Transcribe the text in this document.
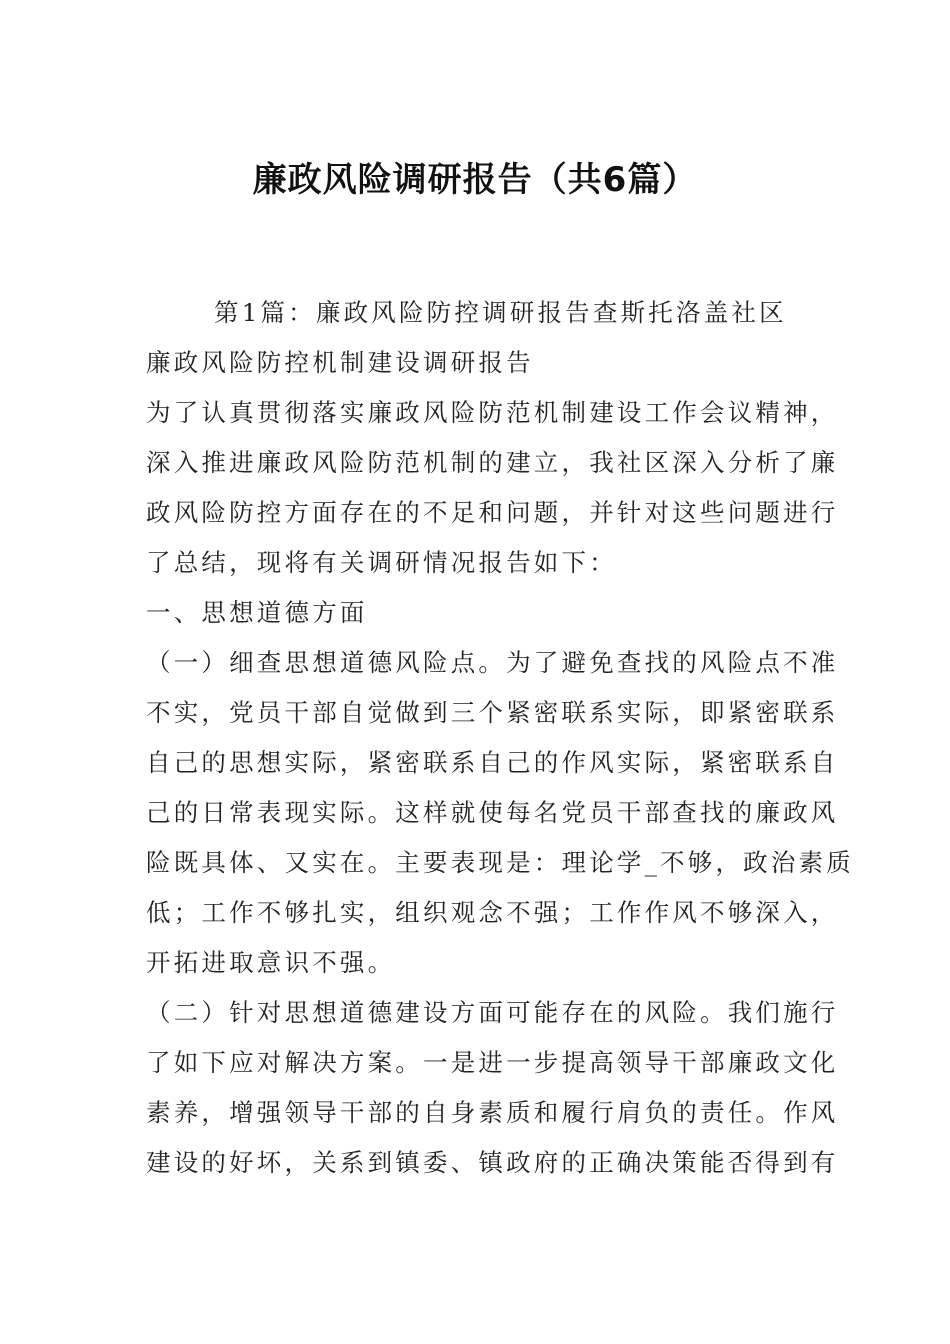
廉政风险调研报告（共6篇）
第1篇：廉政风险防控调研报告查斯托洛盖社区
廉政风险防控机制建设调研报告
为了认真贯彻落实廉政风险防范机制建设工作会议精神，
深入推进廉政风险防范机制的建立，我社区深入分析了廉
政风险防控方面存在的不足和问题，并针对这些问题进行
了总结，现将有关调研情况报告如下：
一、思想道德方面
（一）细查思想道德风险点。为了避免查找的风险点不准
不实，党员干部自觉做到三个紧密联系实际，即紧密联系
自己的思想实际，紧密联系自己的作风实际，紧密联系自
己的日常表现实际。这样就使每名党员干部查找的廉政风
险既具体、又实在。主要表现是：理论学_不够，政治素质
低；工作不够扎实，组织观念不强；工作作风不够深入，
开拓进取意识不强。
（二）针对思想道德建设方面可能存在的风险。我们施行
了如下应对解决方案。一是进一步提高领导干部廉政文化
素养，增强领导干部的自身素质和履行肩负的责任。作风
建设的好坏，关系到镇委、镇政府的正确决策能否得到有
